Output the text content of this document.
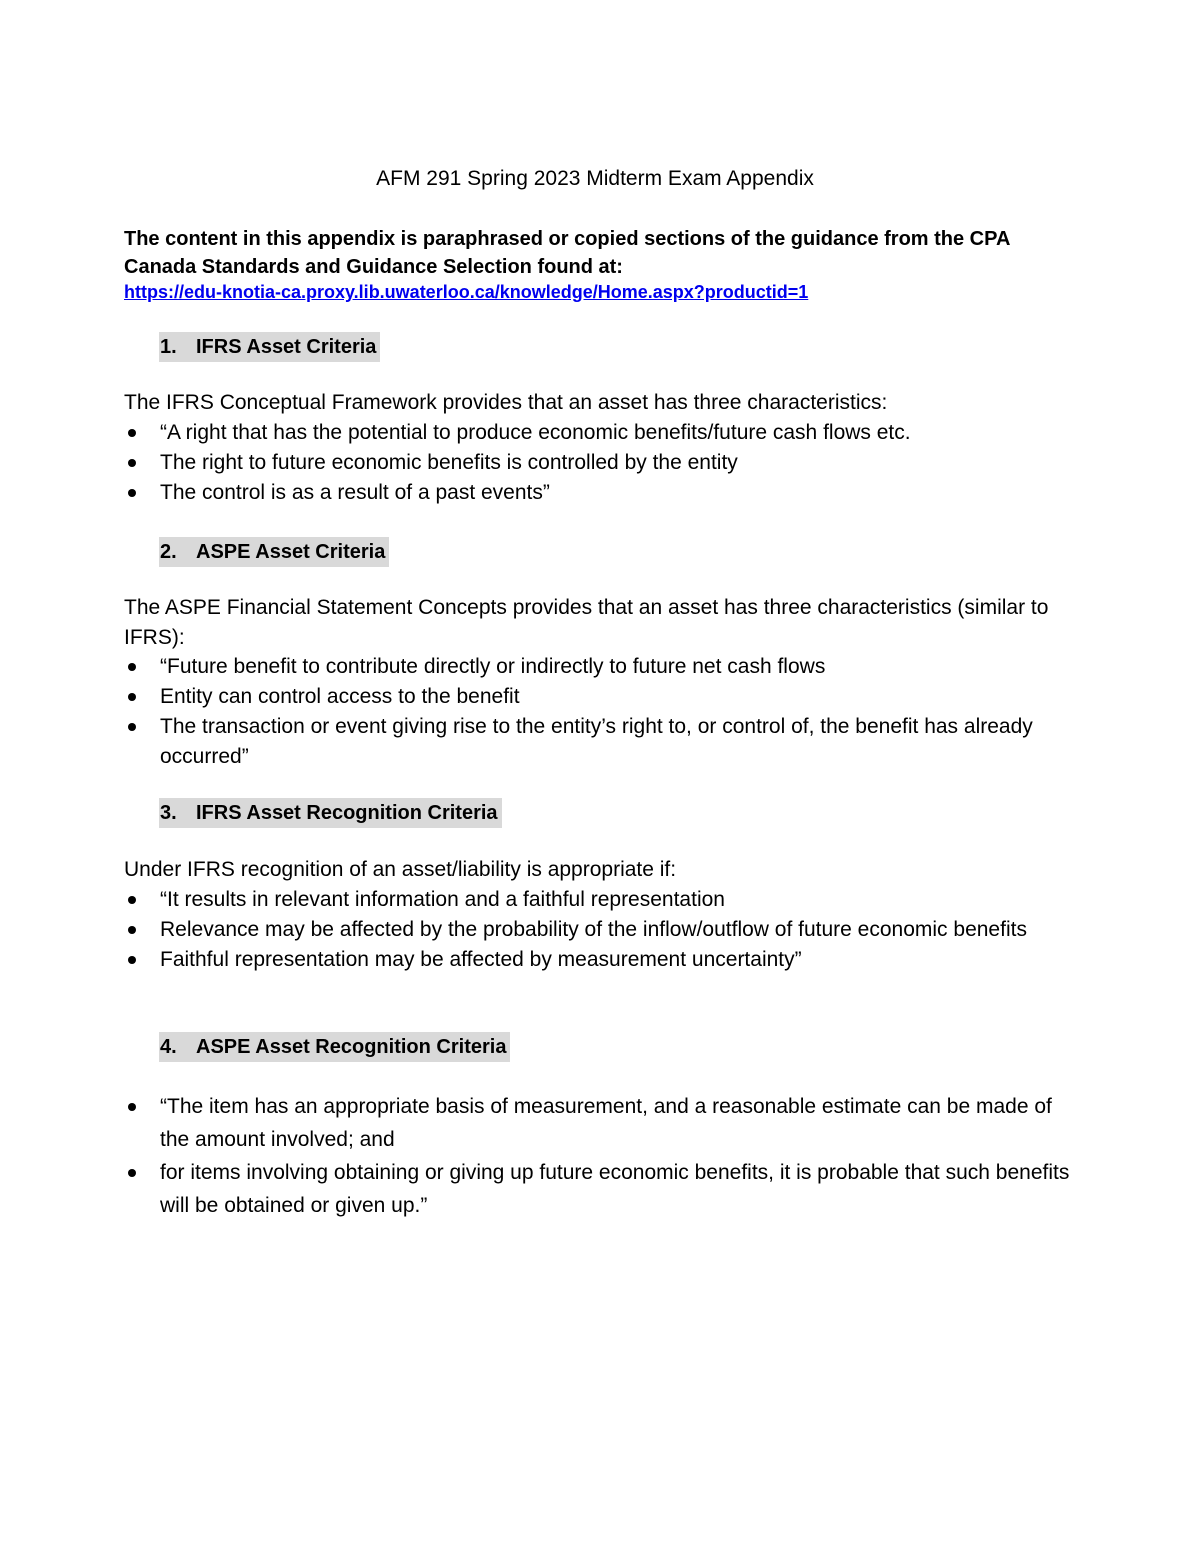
AFM 291 Spring 2023 Midterm Exam Appendix
The content in this appendix is paraphrased or copied sections of the guidance from the CPA Canada Standards and Guidance Selection found at:
https://edu-knotia-ca.proxy.lib.uwaterloo.ca/knowledge/Home.aspx?productid=1
1. IFRS Asset Criteria
The IFRS Conceptual Framework provides that an asset has three characteristics:
“A right that has the potential to produce economic benefits/future cash flows etc.
The right to future economic benefits is controlled by the entity
The control is as a result of a past events”
2. ASPE Asset Criteria
The ASPE Financial Statement Concepts provides that an asset has three characteristics (similar to IFRS):
“Future benefit to contribute directly or indirectly to future net cash flows
Entity can control access to the benefit
The transaction or event giving rise to the entity’s right to, or control of, the benefit has already occurred”
3. IFRS Asset Recognition Criteria
Under IFRS recognition of an asset/liability is appropriate if:
“It results in relevant information and a faithful representation
Relevance may be affected by the probability of the inflow/outflow of future economic benefits
Faithful representation may be affected by measurement uncertainty”
4. ASPE Asset Recognition Criteria
“The item has an appropriate basis of measurement, and a reasonable estimate can be made of the amount involved; and
for items involving obtaining or giving up future economic benefits, it is probable that such benefits will be obtained or given up.”
